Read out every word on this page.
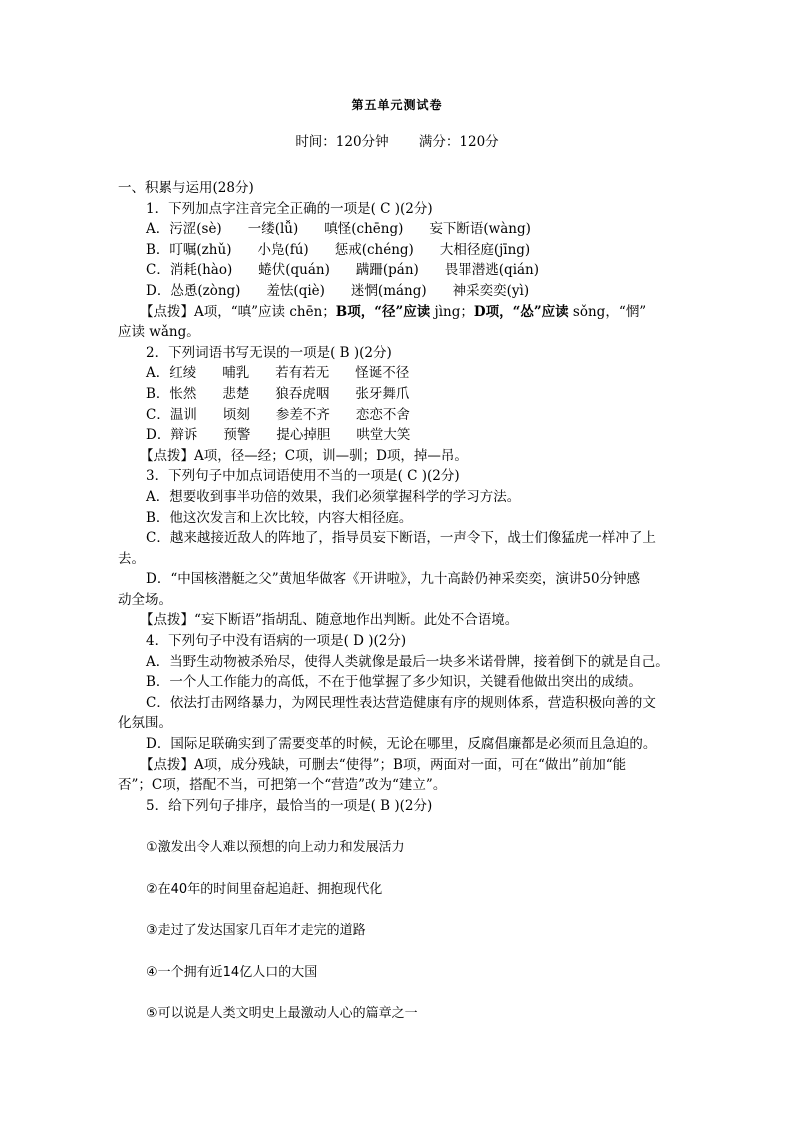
第五单元测试卷
时间：120分钟 满分：120分
一、积累与运用(28分)
1．下列加点字注音完全正确的一项是( C )(2分)
A．污涩(sè) 一缕(lǚ) 嗔怪(chēng) 妄下断语(wàng)
B．叮嘱(zhǔ) 小凫(fú) 惩戒(chéng) 大相径庭(jīng)
C．消耗(hào) 蜷伏(quán) 蹒跚(pán) 畏罪潜逃(qián)
D．怂恿(zòng) 羞怯(qiè) 迷惘(máng) 神采奕奕(yì)
【点拨】A项，“嗔”应读 chēn；B项，“径”应读 jìng；D项，“怂”应读 sǒng，“惘”
应读 wǎng。
2．下列词语书写无误的一项是( B )(2分)
A．红绫 哺乳 若有若无 怪诞不径
B．怅然 悲楚 狼吞虎咽 张牙舞爪
C．温训 顷刻 参差不齐 恋恋不舍
D．辩诉 预警 提心掉胆 哄堂大笑
【点拨】A项，径—经；C项，训—驯；D项，掉—吊。
3．下列句子中加点词语使用不当的一项是( C )(2分)
A．想要收到事半功倍的效果，我们必须掌握科学的学习方法。
B．他这次发言和上次比较，内容大相径庭。
C．越来越接近敌人的阵地了，指导员妄下断语，一声令下，战士们像猛虎一样冲了上
去。
D．“中国核潜艇之父”黄旭华做客《开讲啦》，九十高龄仍神采奕奕，演讲50分钟感
动全场。
【点拨】“妄下断语”指胡乱、随意地作出判断。此处不合语境。
4．下列句子中没有语病的一项是( D )(2分)
A．当野生动物被杀殆尽，使得人类就像是最后一块多米诺骨牌，接着倒下的就是自己。
B．一个人工作能力的高低，不在于他掌握了多少知识，关键看他做出突出的成绩。
C．依法打击网络暴力，为网民理性表达营造健康有序的规则体系，营造积极向善的文
化氛围。
D．国际足联确实到了需要变革的时候，无论在哪里，反腐倡廉都是必须而且急迫的。
【点拨】A项，成分残缺，可删去“使得”；B项，两面对一面，可在“做出”前加“能
否”；C项，搭配不当，可把第一个“营造”改为“建立”。
5．给下列句子排序，最恰当的一项是( B )(2分)
①激发出令人难以预想的向上动力和发展活力
②在40年的时间里奋起追赶、拥抱现代化
③走过了发达国家几百年才走完的道路
④一个拥有近14亿人口的大国
⑤可以说是人类文明史上最激动人心的篇章之一
